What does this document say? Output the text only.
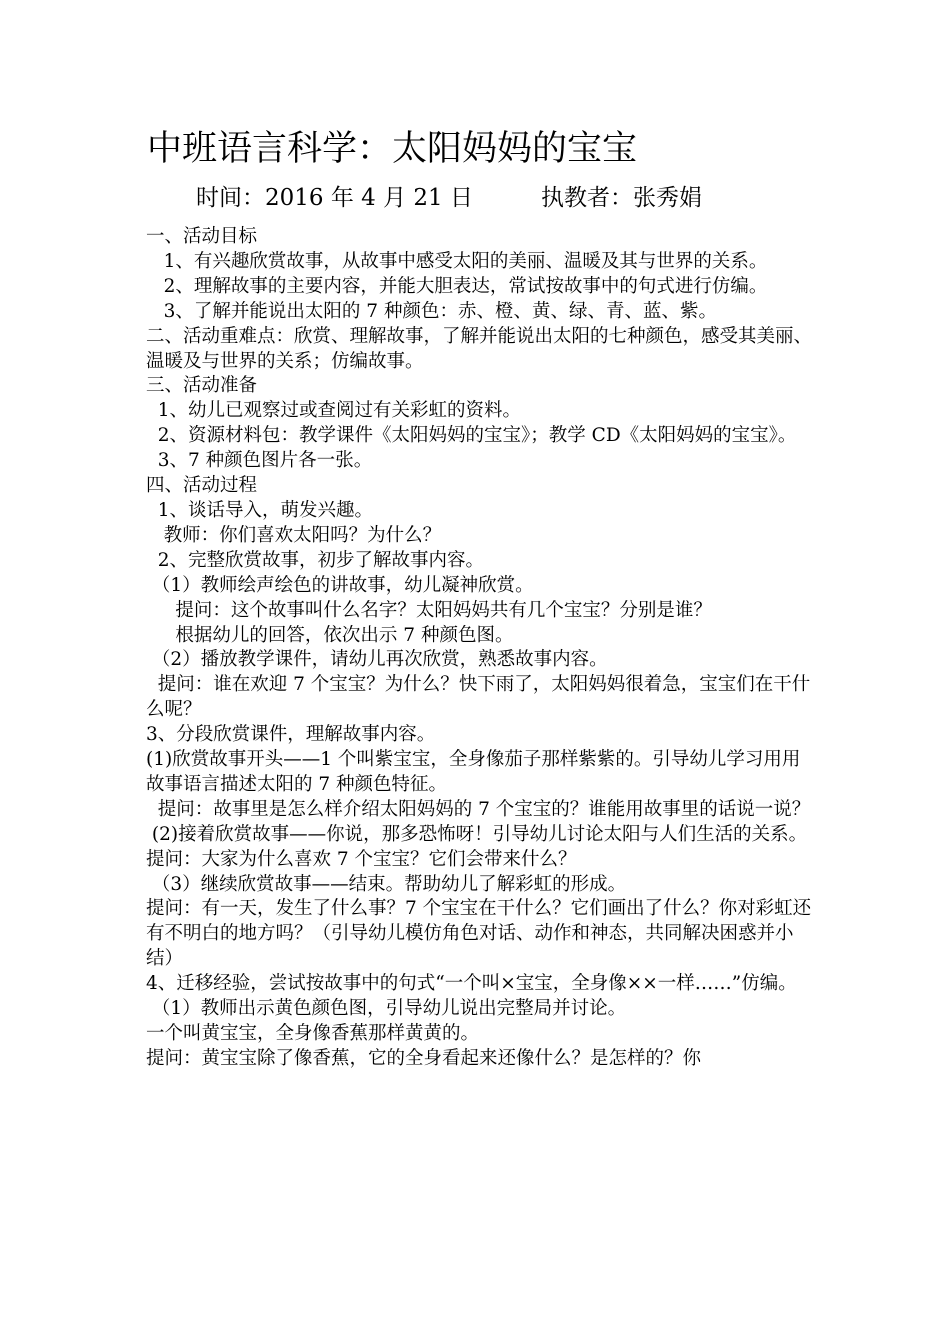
中班语言科学：太阳妈妈的宝宝
时间：2016 年 4 月 21 日	执教者：张秀娟

一、活动目标

1、有兴趣欣赏故事，从故事中感受太阳的美丽、温暖及其与世界的关系。

2、理解故事的主要内容，并能大胆表达，常试按故事中的句式进行仿编。

3、了解并能说出太阳的 7 种颜色：赤、橙、黄、绿、青、蓝、紫。

二、活动重难点：欣赏、理解故事，了解并能说出太阳的七种颜色，感受其美丽、温暖及与世界的关系；仿编故事。

三、活动准备

1、幼儿已观察过或查阅过有关彩虹的资料。

2、资源材料包：教学课件《太阳妈妈的宝宝》；教学 CD《太阳妈妈的宝宝》。

3、7 种颜色图片各一张。

四、活动过程

1、谈话导入，萌发兴趣。

教师：你们喜欢太阳吗？为什么？

2、完整欣赏故事，初步了解故事内容。

（1）教师绘声绘色的讲故事，幼儿凝神欣赏。

提问：这个故事叫什么名字？太阳妈妈共有几个宝宝？分别是谁？

根据幼儿的回答，依次出示 7 种颜色图。

（2）播放教学课件，请幼儿再次欣赏，熟悉故事内容。

提问：谁在欢迎 7 个宝宝？为什么？快下雨了，太阳妈妈很着急，宝宝们在干什么呢？

3、分段欣赏课件，理解故事内容。

(1)欣赏故事开头——1 个叫紫宝宝，全身像茄子那样紫紫的。引导幼儿学习用用故事语言描述太阳的 7 种颜色特征。

提问：故事里是怎么样介绍太阳妈妈的 7 个宝宝的？谁能用故事里的话说一说？

(2)接着欣赏故事——你说，那多恐怖呀！引导幼儿讨论太阳与人们生活的关系。

提问：大家为什么喜欢 7 个宝宝？它们会带来什么？

（3）继续欣赏故事——结束。帮助幼儿了解彩虹的形成。

提问：有一天，发生了什么事？7 个宝宝在干什么？它们画出了什么？你对彩虹还有不明白的地方吗？（引导幼儿模仿角色对话、动作和神态，共同解决困惑并小结）

4、迁移经验，尝试按故事中的句式“一个叫×宝宝，全身像××一样……”仿编。

（1）教师出示黄色颜色图，引导幼儿说出完整局并讨论。

一个叫黄宝宝，全身像香蕉那样黄黄的。

提问：黄宝宝除了像香蕉，它的全身看起来还像什么？是怎样的？你
